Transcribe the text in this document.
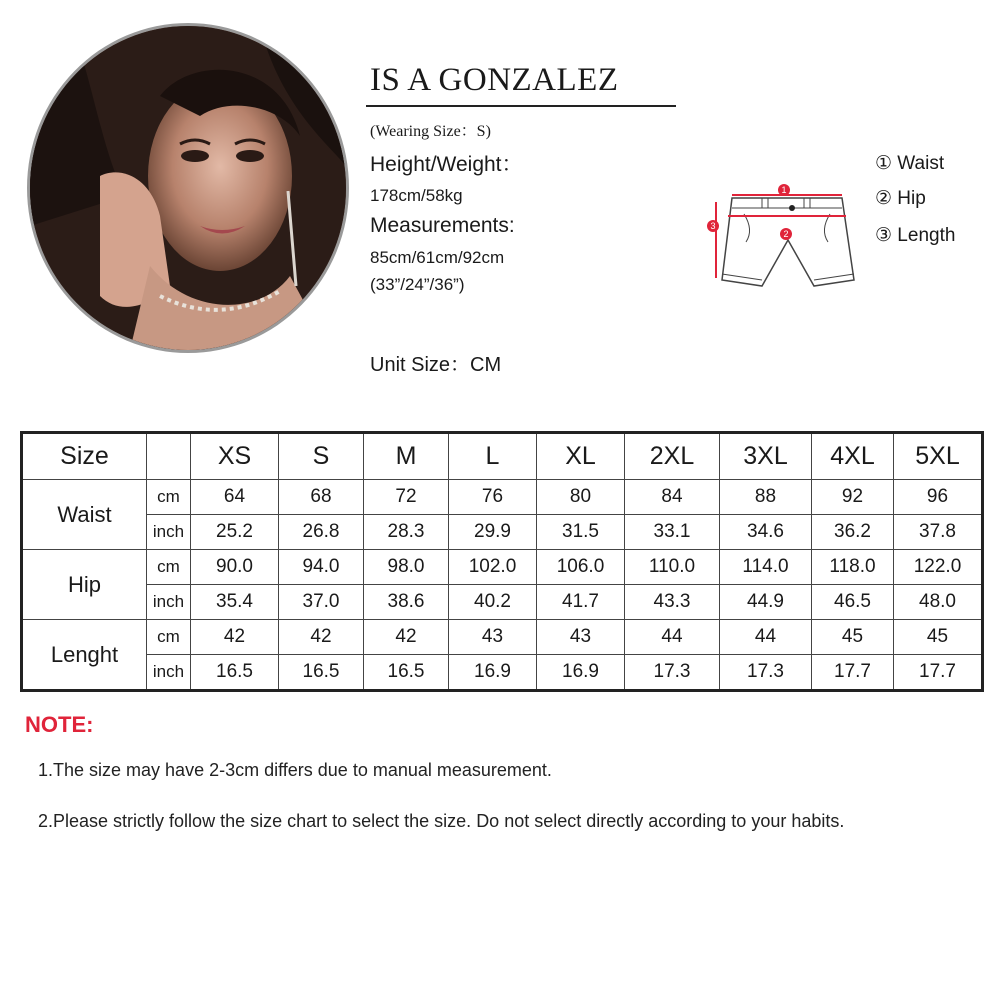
IS A GONZALEZ
(Wearing Size：S)
Height/Weight：
178cm/58kg
Measurements:
85cm/61cm/92cm
(33”/24”/36”)
Unit Size：CM
1
2
3
① Waist
② Hip
③ Length
Size		XS	S	M	L	XL	2XL	3XL	4XL	5XL
Waist	cm	64	68	72	76	80	84	88	92	96
	inch	25.2	26.8	28.3	29.9	31.5	33.1	34.6	36.2	37.8
Hip	cm	90.0	94.0	98.0	102.0	106.0	110.0	114.0	118.0	122.0
	inch	35.4	37.0	38.6	40.2	41.7	43.3	44.9	46.5	48.0
Lenght	cm	42	42	42	43	43	44	44	45	45
	inch	16.5	16.5	16.5	16.9	16.9	17.3	17.3	17.7	17.7
NOTE:
1.The size may have 2-3cm differs due to manual measurement.
2.Please strictly follow the size chart to select the size. Do not select directly according to your habits.
